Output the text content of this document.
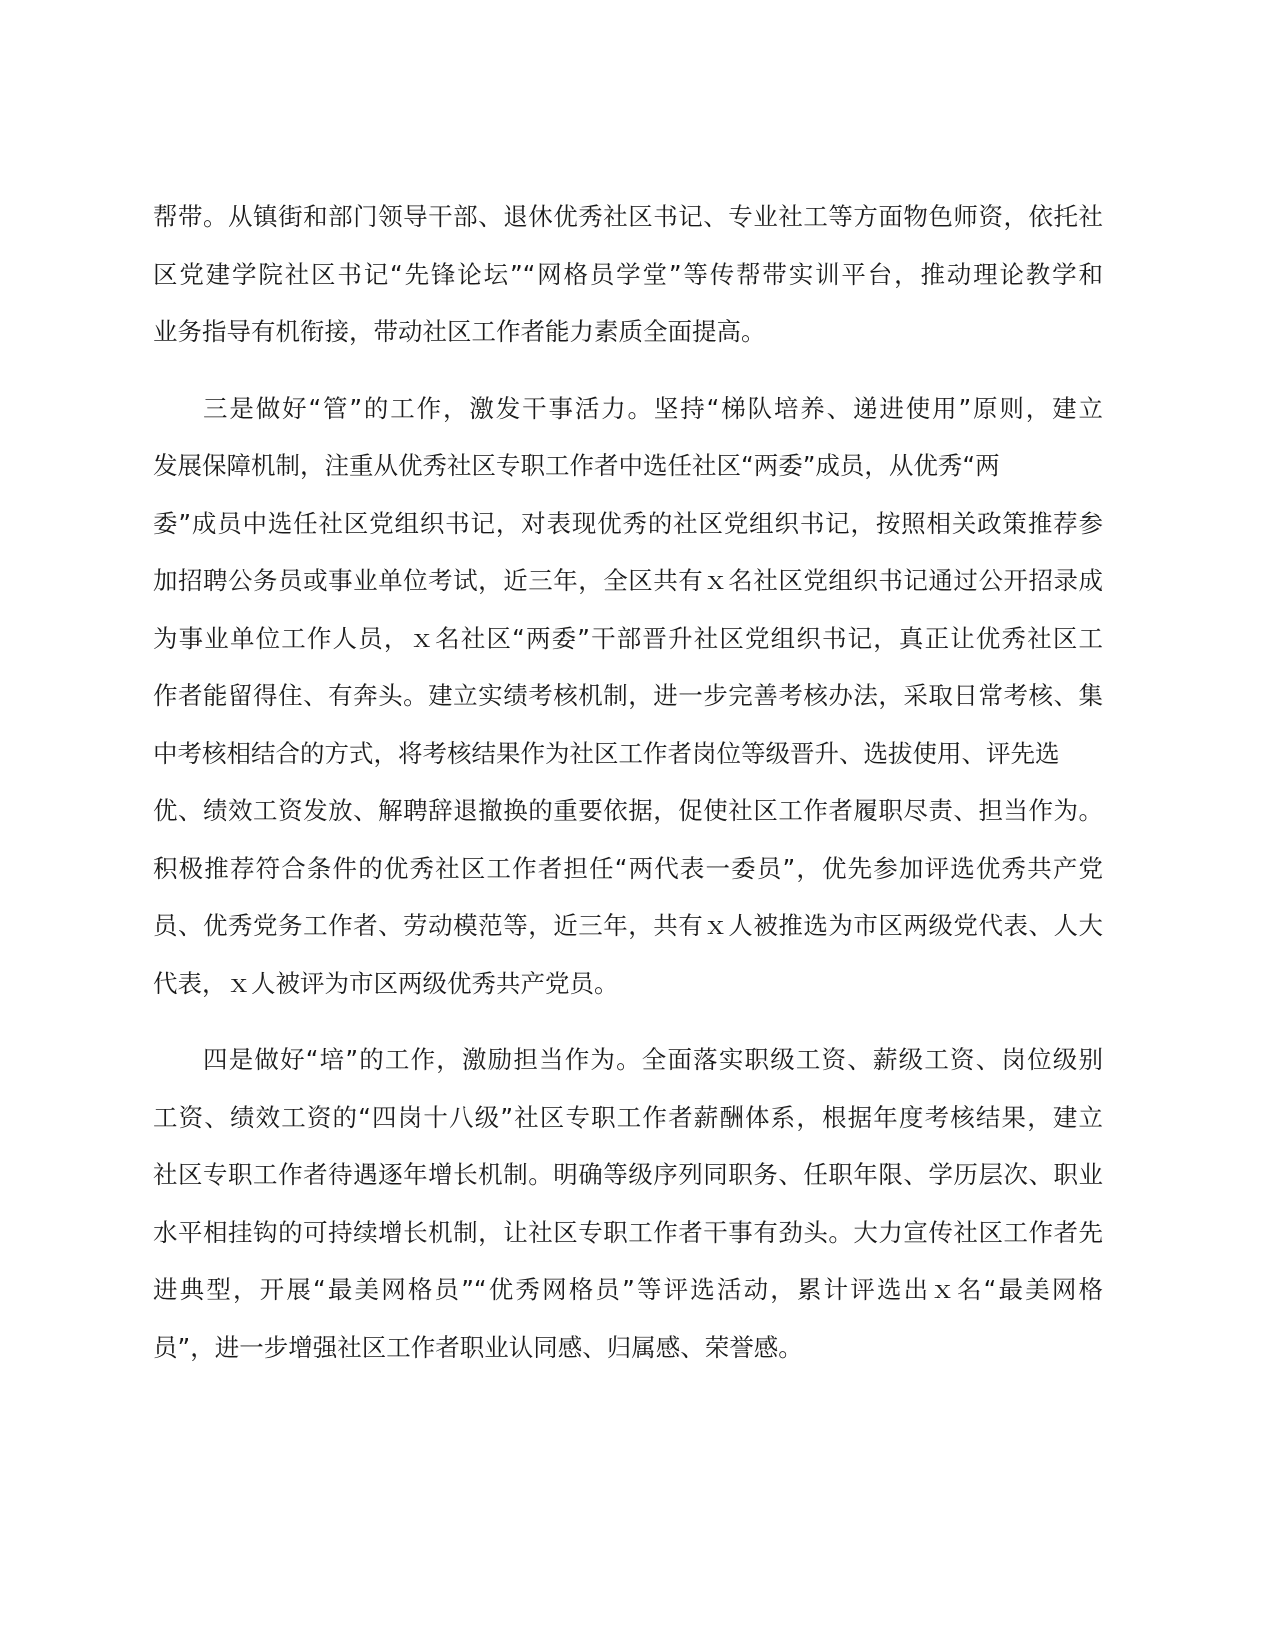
帮带。从镇街和部门领导干部、退休优秀社区书记、专业社工等方面物色师资，依托社
区党建学院社区书记“先锋论坛”“网格员学堂”等传帮带实训平台，推动理论教学和
业务指导有机衔接，带动社区工作者能力素质全面提高。

三是做好“管”的工作，激发干事活力。坚持“梯队培养、递进使用”原则，建立
发展保障机制，注重从优秀社区专职工作者中选任社区“两委”成员，从优秀“两
委”成员中选任社区党组织书记，对表现优秀的社区党组织书记，按照相关政策推荐参
加招聘公务员或事业单位考试，近三年，全区共有ｘ名社区党组织书记通过公开招录成
为事业单位工作人员，ｘ名社区“两委”干部晋升社区党组织书记，真正让优秀社区工
作者能留得住、有奔头。建立实绩考核机制，进一步完善考核办法，采取日常考核、集
中考核相结合的方式，将考核结果作为社区工作者岗位等级晋升、选拔使用、评先选
优、绩效工资发放、解聘辞退撤换的重要依据，促使社区工作者履职尽责、担当作为。
积极推荐符合条件的优秀社区工作者担任“两代表一委员”，优先参加评选优秀共产党
员、优秀党务工作者、劳动模范等，近三年，共有ｘ人被推选为市区两级党代表、人大
代表，ｘ人被评为市区两级优秀共产党员。

四是做好“培”的工作，激励担当作为。全面落实职级工资、薪级工资、岗位级别
工资、绩效工资的“四岗十八级”社区专职工作者薪酬体系，根据年度考核结果，建立
社区专职工作者待遇逐年增长机制。明确等级序列同职务、任职年限、学历层次、职业
水平相挂钩的可持续增长机制，让社区专职工作者干事有劲头。大力宣传社区工作者先
进典型，开展“最美网格员”“优秀网格员”等评选活动，累计评选出ｘ名“最美网格
员”，进一步增强社区工作者职业认同感、归属感、荣誉感。
